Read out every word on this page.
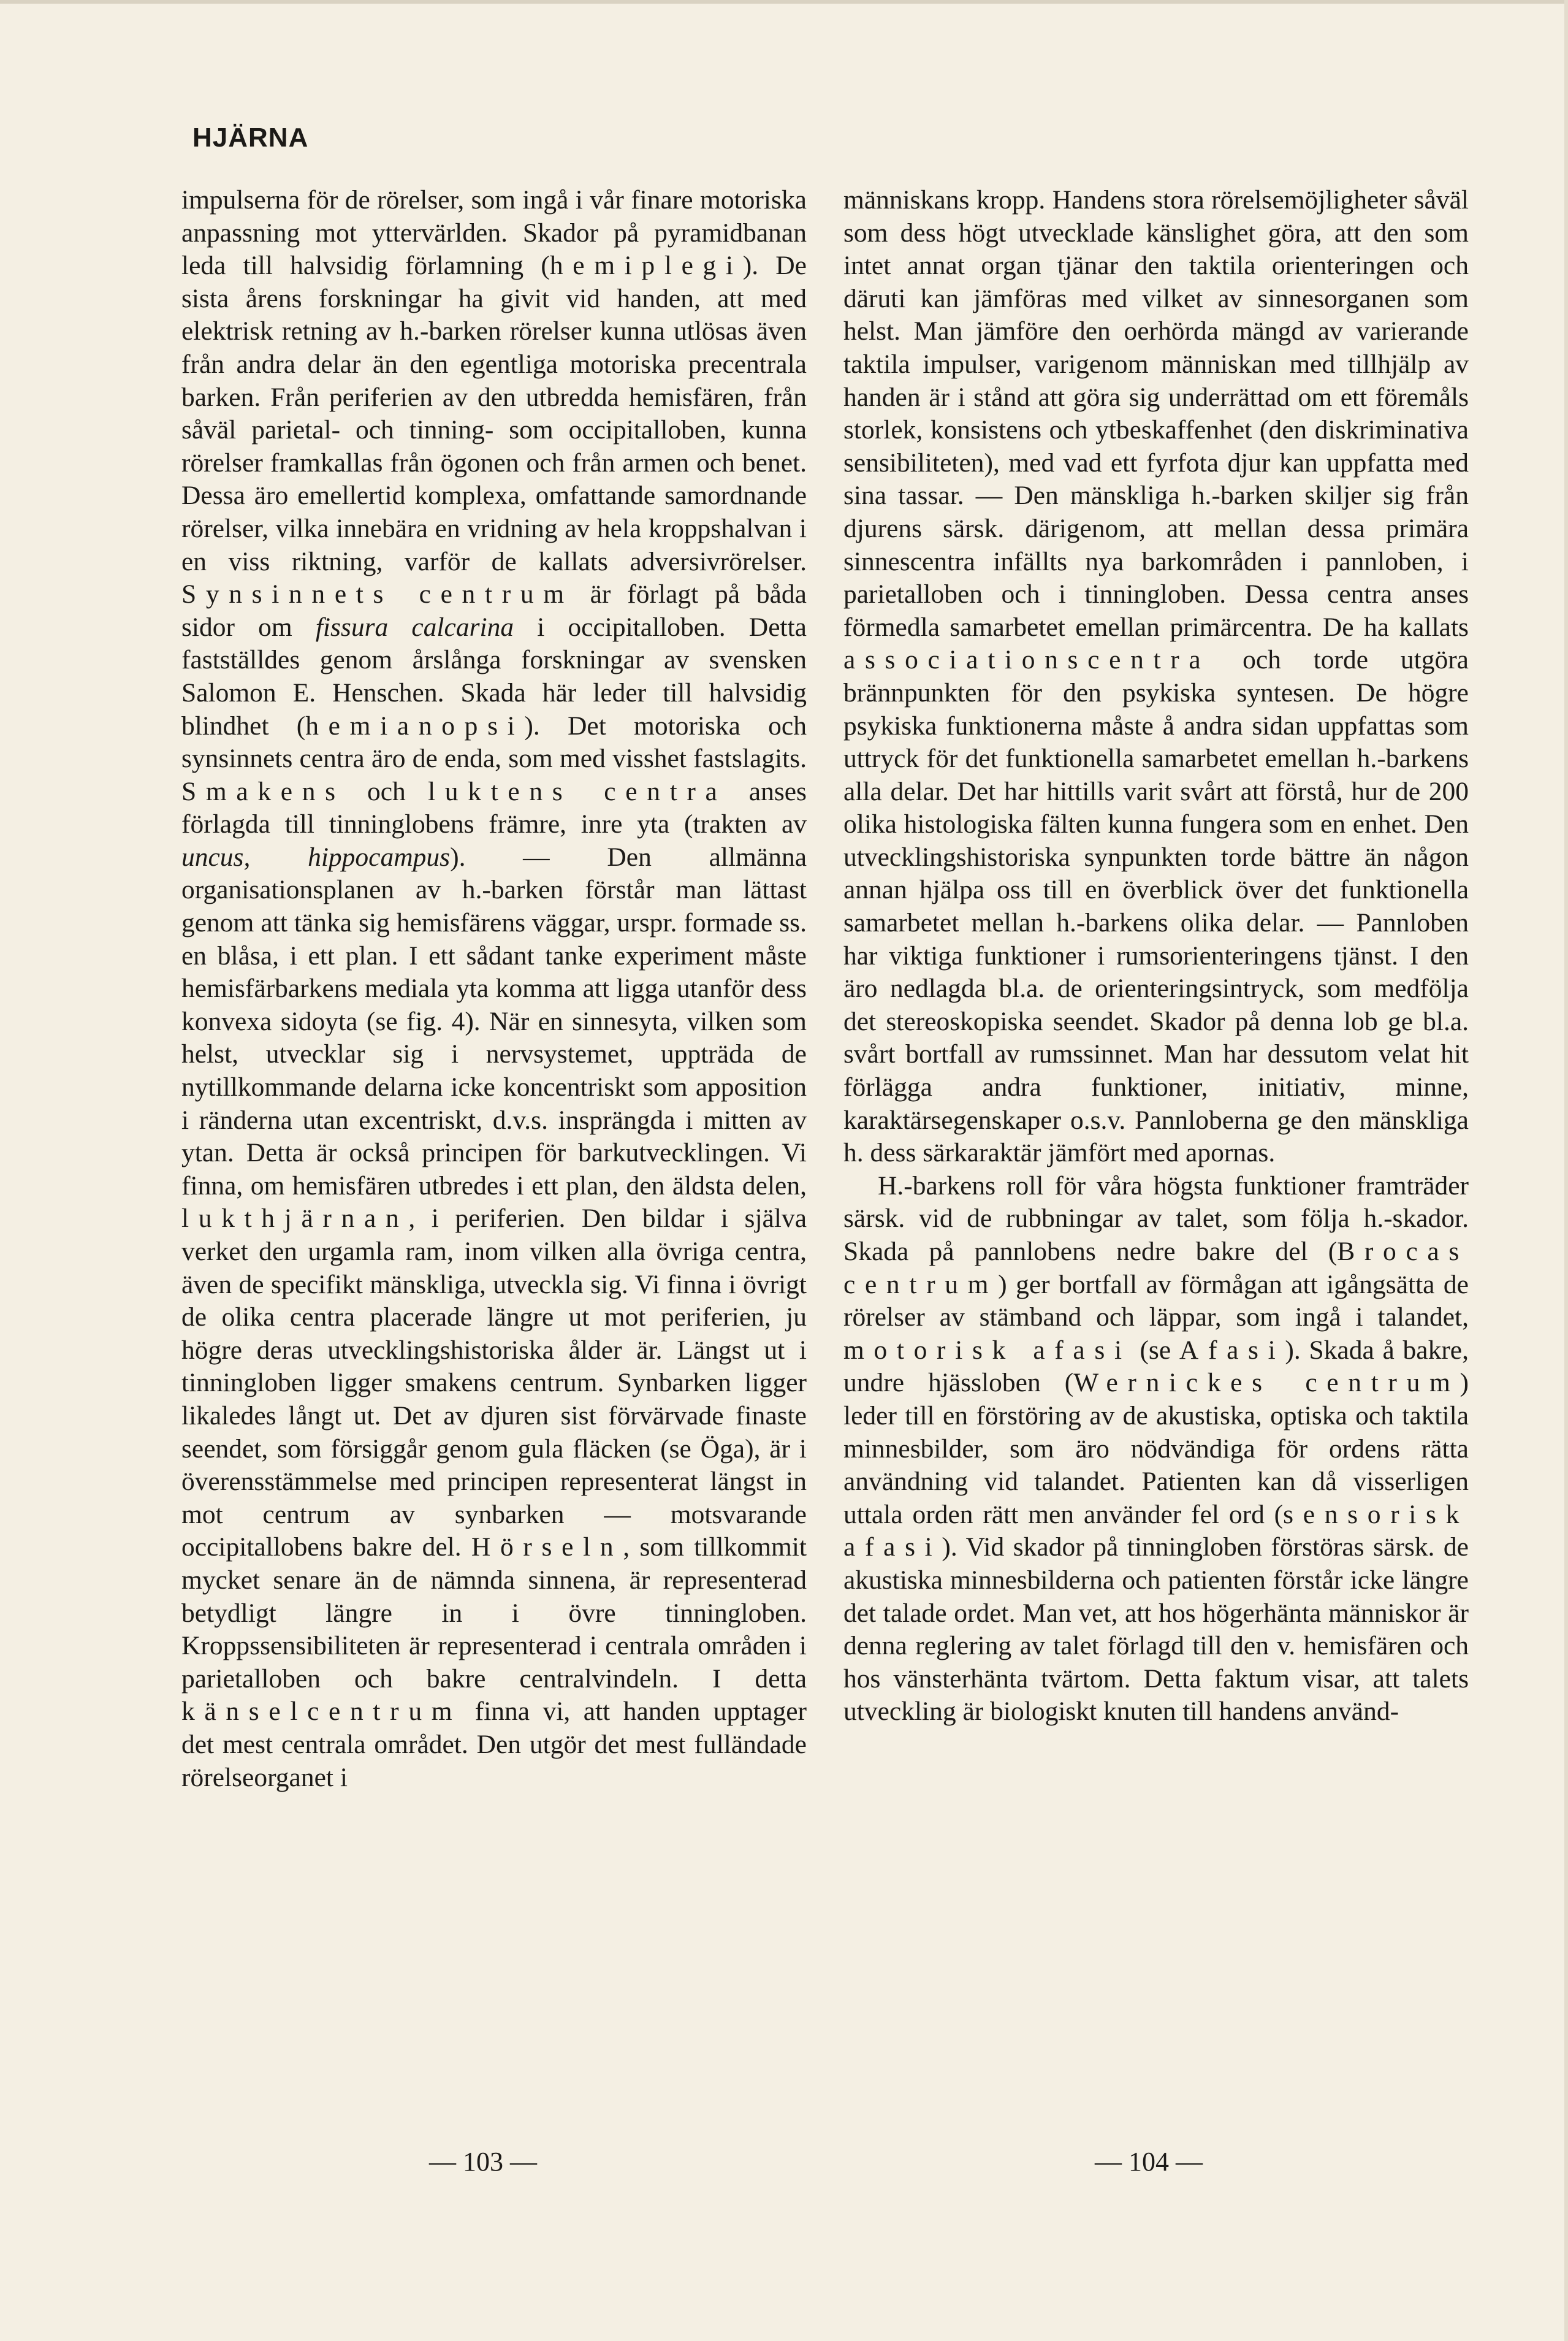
HJÄRNA

impulserna för de rörelser, som ingå i vår finare motoriska anpassning mot yttervärlden. Skador på pyramidbanan leda till halvsidig förlamning (hemiplegi). De sista årens forskningar ha givit vid handen, att med elektrisk retning av h.-barken rörelser kunna utlösas även från andra delar än den egentliga motoriska precentrala barken. Från periferien av den utbredda hemisfären, från såväl parietal- och tinning- som occipitalloben, kunna rörelser framkallas från ögonen och från armen och benet. Dessa äro emellertid komplexa, omfattande samordnande rörelser, vilka innebära en vridning av hela kroppshalvan i en viss riktning, varför de kallats adversivrörelser. Synsinnets centrum är förlagt på båda sidor om fissura calcarina i occipitalloben. Detta fastställdes genom årslånga forskningar av svensken Salomon E. Henschen. Skada här leder till halvsidig blindhet (hemianopsi). Det motoriska och synsinnets centra äro de enda, som med visshet fastslagits. Smakens och luktens centra anses förlagda till tinninglobens främre, inre yta (trakten av uncus, hippocampus). — Den allmänna organisationsplanen av h.-barken förstår man lättast genom att tänka sig hemisfärens väggar, urspr. formade ss. en blåsa, i ett plan. I ett sådant tanke experiment måste hemisfärbarkens mediala yta komma att ligga utanför dess konvexa sidoyta (se fig. 4). När en sinnesyta, vilken som helst, utvecklar sig i nervsystemet, uppträda de nytillkommande delarna icke koncentriskt som apposition i ränderna utan excentriskt, d.v.s. insprängda i mitten av ytan. Detta är också principen för barkutvecklingen. Vi finna, om hemisfären utbredes i ett plan, den äldsta delen, lukthjärnan, i periferien. Den bildar i själva verket den urgamla ram, inom vilken alla övriga centra, även de specifikt mänskliga, utveckla sig. Vi finna i övrigt de olika centra placerade längre ut mot periferien, ju högre deras utvecklingshistoriska ålder är. Längst ut i tinningloben ligger smakens centrum. Synbarken ligger likaledes långt ut. Det av djuren sist förvärvade finaste seendet, som försiggår genom gula fläcken (se Öga), är i överensstämmelse med principen representerat längst in mot centrum av synbarken — motsvarande occipitallobens bakre del. Hörseln, som tillkommit mycket senare än de nämnda sinnena, är representerad betydligt längre in i övre tinningloben. Kroppssensibiliteten är representerad i centrala områden i parietalloben och bakre centralvindeln. I detta känselcentrum finna vi, att handen upptager det mest centrala området. Den utgör det mest fulländade rörelseorganet i

människans kropp. Handens stora rörelsemöjligheter såväl som dess högt utvecklade känslighet göra, att den som intet annat organ tjänar den taktila orienteringen och däruti kan jämföras med vilket av sinnesorganen som helst. Man jämföre den oerhörda mängd av varierande taktila impulser, varigenom människan med tillhjälp av handen är i stånd att göra sig underrättad om ett föremåls storlek, konsistens och ytbeskaffenhet (den diskriminativa sensibiliteten), med vad ett fyrfota djur kan uppfatta med sina tassar. — Den mänskliga h.-barken skiljer sig från djurens särsk. därigenom, att mellan dessa primära sinnescentra infällts nya barkområden i pannloben, i parietalloben och i tinningloben. Dessa centra anses förmedla samarbetet emellan primärcentra. De ha kallats associationscentra och torde utgöra brännpunkten för den psykiska syntesen. De högre psykiska funktionerna måste å andra sidan uppfattas som uttryck för det funktionella samarbetet emellan h.-barkens alla delar. Det har hittills varit svårt att förstå, hur de 200 olika histologiska fälten kunna fungera som en enhet. Den utvecklingshistoriska synpunkten torde bättre än någon annan hjälpa oss till en överblick över det funktionella samarbetet mellan h.-barkens olika delar. — Pannloben har viktiga funktioner i rumsorienteringens tjänst. I den äro nedlagda bl.a. de orienteringsintryck, som medfölja det stereoskopiska seendet. Skador på denna lob ge bl.a. svårt bortfall av rumssinnet. Man har dessutom velat hit förlägga andra funktioner, initiativ, minne, karaktärsegenskaper o.s.v. Pannloberna ge den mänskliga h. dess särkaraktär jämfört med apornas.

H.-barkens roll för våra högsta funktioner framträder särsk. vid de rubbningar av talet, som följa h.-skador. Skada på pannlobens nedre bakre del (Brocas centrum) ger bortfall av förmågan att igångsätta de rörelser av stämband och läppar, som ingå i talandet, motorisk afasi (se Afasi). Skada å bakre, undre hjässloben (Wernickes centrum) leder till en förstöring av de akustiska, optiska och taktila minnesbilder, som äro nödvändiga för ordens rätta användning vid talandet. Patienten kan då visserligen uttala orden rätt men använder fel ord (sensorisk afasi). Vid skador på tinningloben förstöras särsk. de akustiska minnesbilderna och patienten förstår icke längre det talade ordet. Man vet, att hos högerhänta människor är denna reglering av talet förlagd till den v. hemisfären och hos vänsterhänta tvärtom. Detta faktum visar, att talets utveckling är biologiskt knuten till handens använd-

— 103 —	— 104 —
